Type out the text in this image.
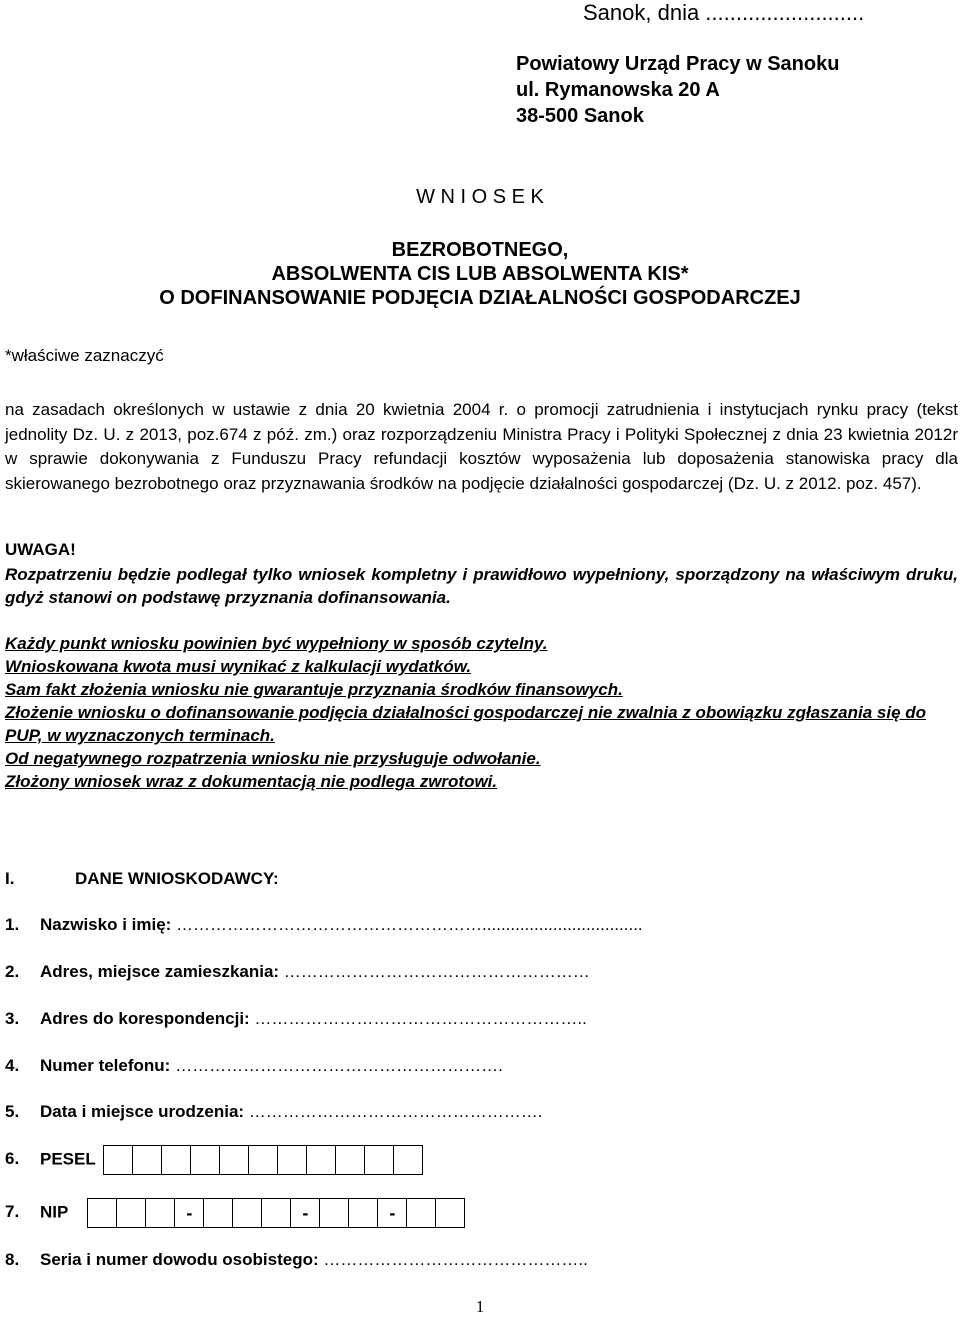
Sanok, dnia ..........................
Powiatowy Urząd Pracy w Sanoku
ul. Rymanowska 20 A
38-500 Sanok
W N I O S E K
BEZROBOTNEGO,
ABSOLWENTA CIS LUB ABSOLWENTA KIS*
O DOFINANSOWANIE PODJĘCIA DZIAŁALNOŚCI GOSPODARCZEJ
*właściwe zaznaczyć
na zasadach określonych w ustawie z dnia 20 kwietnia 2004 r. o promocji zatrudnienia i instytucjach rynku pracy (tekst jednolity Dz. U. z 2013, poz.674 z póź. zm.) oraz rozporządzeniu Ministra Pracy i Polityki Społecznej z dnia 23 kwietnia 2012r w sprawie dokonywania z Funduszu Pracy refundacji kosztów wyposażenia lub doposażenia stanowiska pracy dla skierowanego bezrobotnego oraz przyznawania środków na podjęcie działalności gospodarczej (Dz. U. z 2012. poz. 457).
UWAGA!
Rozpatrzeniu będzie podlegał tylko wniosek kompletny i prawidłowo wypełniony, sporządzony na właściwym druku, gdyż stanowi on podstawę przyznania dofinansowania.
Każdy punkt wniosku powinien być wypełniony w sposób czytelny.
Wnioskowana kwota musi wynikać z kalkulacji wydatków.
Sam fakt złożenia wniosku nie gwarantuje przyznania środków finansowych.
Złożenie wniosku o dofinansowanie podjęcia działalności gospodarczej nie zwalnia z obowiązku zgłaszania się do PUP, w wyznaczonych terminach.
Od negatywnego rozpatrzenia wniosku nie przysługuje odwołanie.
Złożony wniosek wraz z dokumentacją nie podlega zwrotowi.
I.	DANE WNIOSKODAWCY:
1. Nazwisko i imię: ………………………………………………..................................
2. Adres, miejsce zamieszkania: ………………………………………………
3. Adres do korespondencji: …………………………………………………..
4. Numer telefonu: ………………………………………………….
5. Data i miejsce urodzenia: …………………………………………….
6. PESEL
7. NIP	-	-	-
8. Seria i numer dowodu osobistego: ………………………………………..
1
